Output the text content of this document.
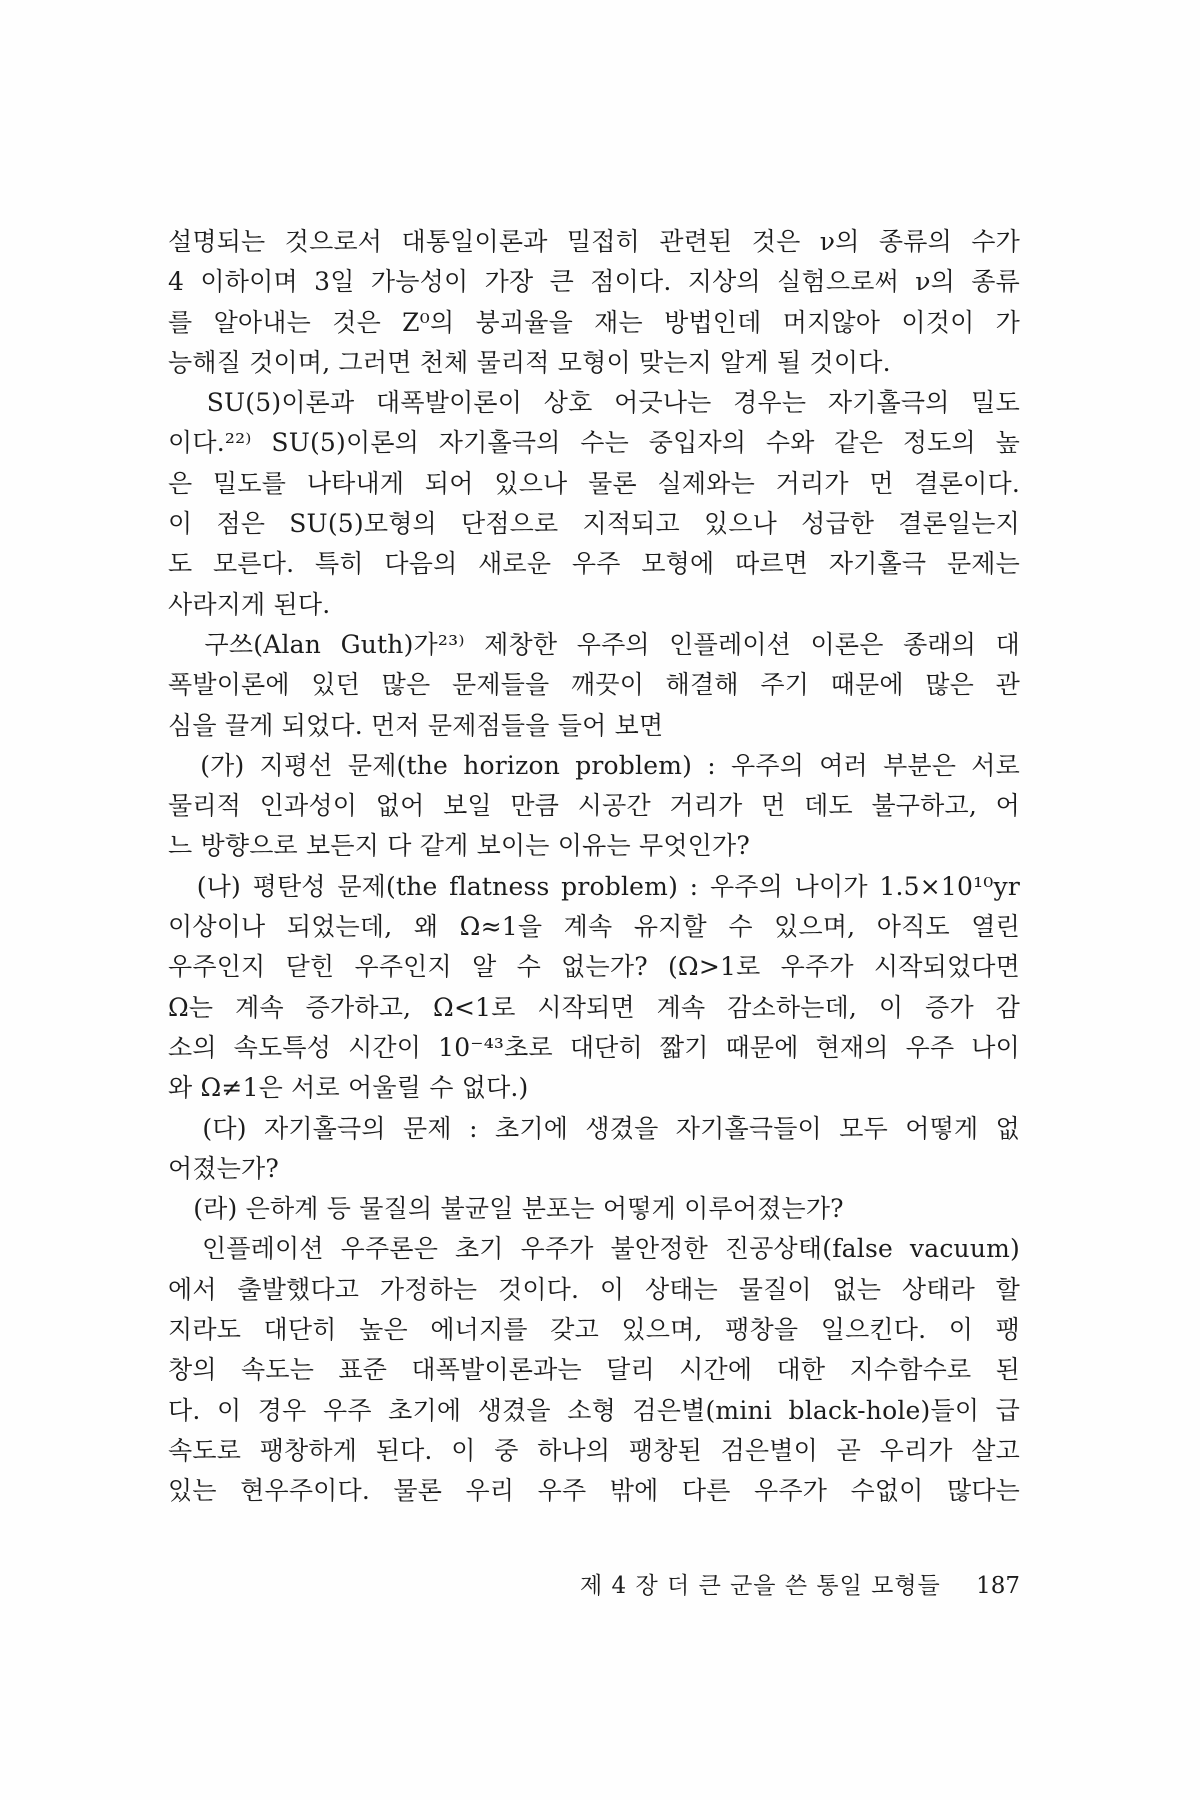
설명되는 것으로서 대통일이론과 밀접히 관련된 것은 ν의 종류의 수가
4 이하이며 3일 가능성이 가장 큰 점이다. 지상의 실험으로써 ν의 종류
를 알아내는 것은 Z⁰의 붕괴율을 재는 방법인데 머지않아 이것이 가
능해질 것이며, 그러면 천체 물리적 모형이 맞는지 알게 될 것이다.
　SU(5)이론과 대폭발이론이 상호 어긋나는 경우는 자기홀극의 밀도
이다.²²⁾ SU(5)이론의 자기홀극의 수는 중입자의 수와 같은 정도의 높
은 밀도를 나타내게 되어 있으나 물론 실제와는 거리가 먼 결론이다.
이 점은 SU(5)모형의 단점으로 지적되고 있으나 성급한 결론일는지
도 모른다. 특히 다음의 새로운 우주 모형에 따르면 자기홀극 문제는
사라지게 된다.
　구쓰(Alan Guth)가²³⁾ 제창한 우주의 인플레이션 이론은 종래의 대
폭발이론에 있던 많은 문제들을 깨끗이 해결해 주기 때문에 많은 관
심을 끌게 되었다. 먼저 문제점들을 들어 보면
　(가) 지평선 문제(the horizon problem) : 우주의 여러 부분은 서로
물리적 인과성이 없어 보일 만큼 시공간 거리가 먼 데도 불구하고, 어
느 방향으로 보든지 다 같게 보이는 이유는 무엇인가?
　(나) 평탄성 문제(the flatness problem) : 우주의 나이가 1.5×10¹⁰yr
이상이나 되었는데, 왜 Ω≈1을 계속 유지할 수 있으며, 아직도 열린
우주인지 닫힌 우주인지 알 수 없는가? (Ω>1로 우주가 시작되었다면
Ω는 계속 증가하고, Ω<1로 시작되면 계속 감소하는데, 이 증가 감
소의 속도특성 시간이 10⁻⁴³초로 대단히 짧기 때문에 현재의 우주 나이
와 Ω≠1은 서로 어울릴 수 없다.)
　(다) 자기홀극의 문제 : 초기에 생겼을 자기홀극들이 모두 어떻게 없
어졌는가?
　(라) 은하계 등 물질의 불균일 분포는 어떻게 이루어졌는가?
　인플레이션 우주론은 초기 우주가 불안정한 진공상태(false vacuum)
에서 출발했다고 가정하는 것이다. 이 상태는 물질이 없는 상태라 할
지라도 대단히 높은 에너지를 갖고 있으며, 팽창을 일으킨다. 이 팽
창의 속도는 표준 대폭발이론과는 달리 시간에 대한 지수함수로 된
다. 이 경우 우주 초기에 생겼을 소형 검은별(mini black-hole)들이 급
속도로 팽창하게 된다. 이 중 하나의 팽창된 검은별이 곧 우리가 살고
있는 현우주이다. 물론 우리 우주 밖에 다른 우주가 수없이 많다는
제 4 장 더 큰 군을 쓴 통일 모형들 187
